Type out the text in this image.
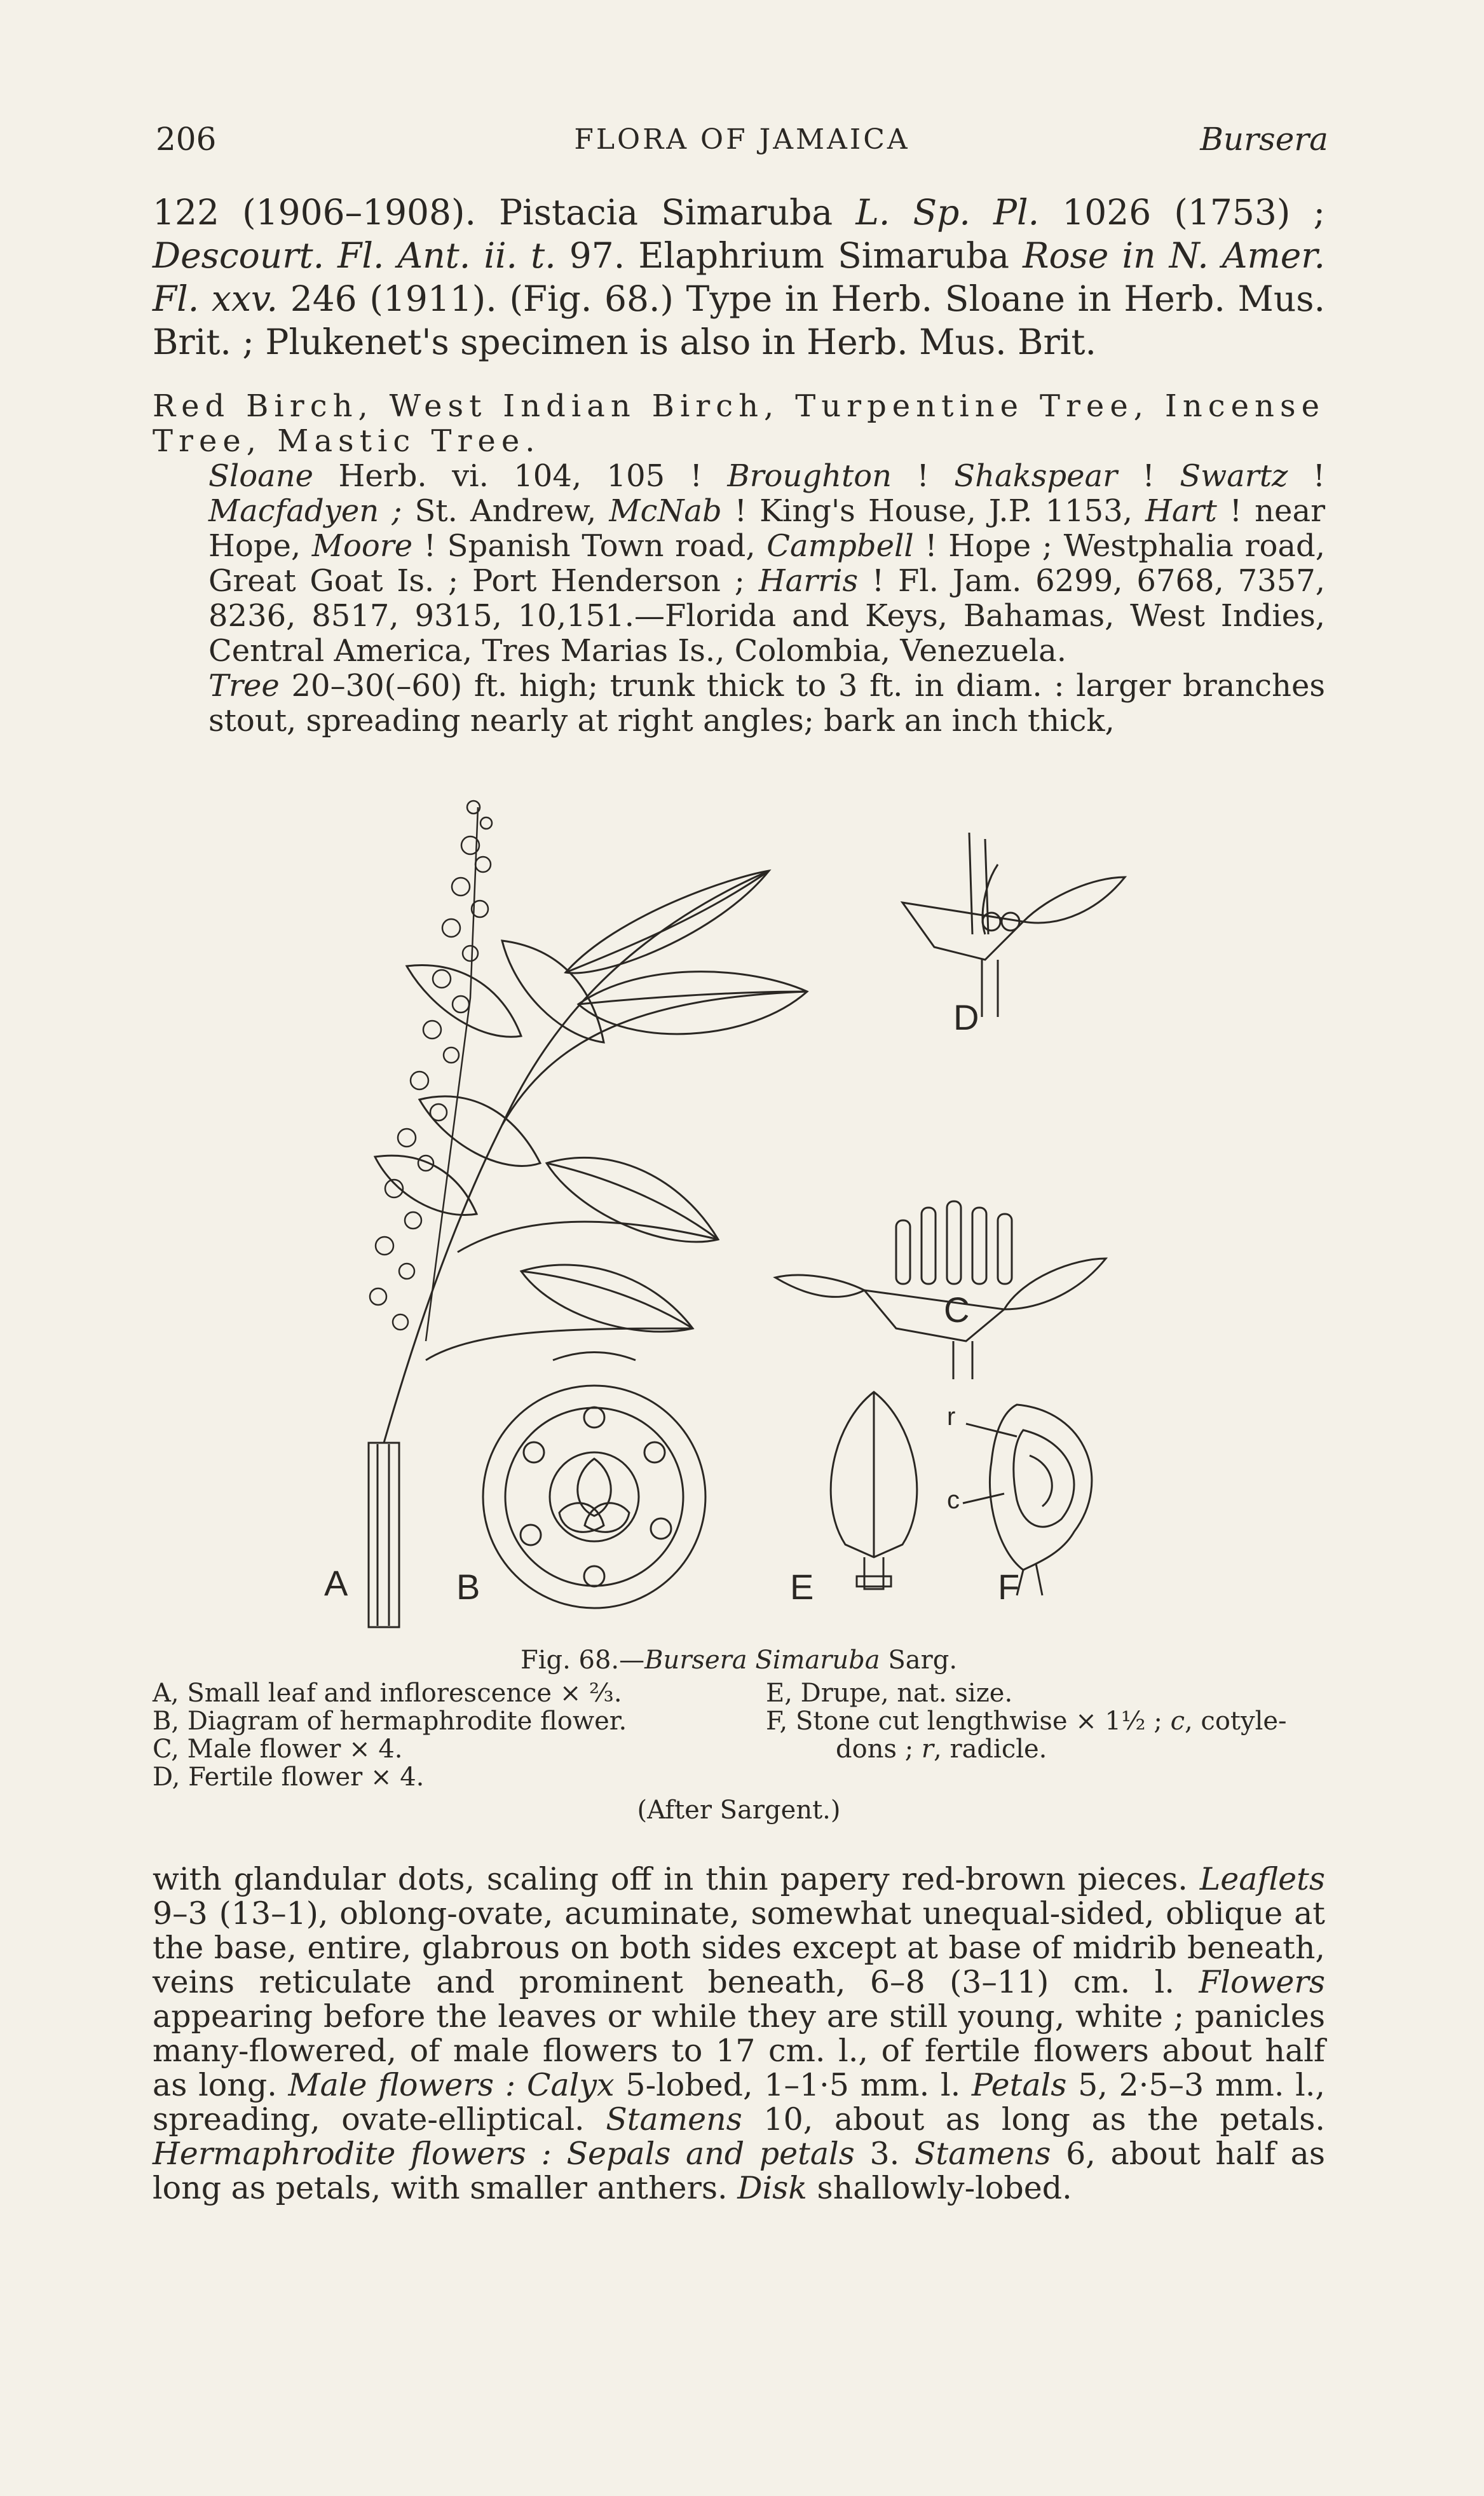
206	FLORA OF JAMAICA	Bursera

122 (1906–1908). Pistacia Simaruba L. Sp. Pl. 1026 (1753) ; Descourt. Fl. Ant. ii. t. 97. Elaphrium Simaruba Rose in N. Amer. Fl. xxv. 246 (1911). (Fig. 68.) Type in Herb. Sloane in Herb. Mus. Brit. ; Plukenet's specimen is also in Herb. Mus. Brit.

Red Birch, West Indian Birch, Turpentine Tree, Incense Tree, Mastic Tree.
Sloane Herb. vi. 104, 105 ! Broughton ! Shakspear ! Swartz ! Macfadyen ; St. Andrew, McNab ! King's House, J.P. 1153, Hart ! near Hope, Moore ! Spanish Town road, Campbell ! Hope ; Westphalia road, Great Goat Is. ; Port Henderson ; Harris ! Fl. Jam. 6299, 6768, 7357, 8236, 8517, 9315, 10,151.—Florida and Keys, Bahamas, West Indies, Central America, Tres Marias Is., Colombia, Venezuela.
Tree 20–30(–60) ft. high; trunk thick to 3 ft. in diam. : larger branches stout, spreading nearly at right angles; bark an inch thick,
A	B
C
D
E	F
r
c
Fig. 68.—Bursera Simaruba Sarg.
A, Small leaf and inflorescence × ⅔.
B, Diagram of hermaphrodite flower.
C, Male flower × 4.
D, Fertile flower × 4.
E, Drupe, nat. size.
F, Stone cut lengthwise × 1½ ; c, cotyle-
dons ; r, radicle.
(After Sargent.)

with glandular dots, scaling off in thin papery red-brown pieces. Leaflets 9–3 (13–1), oblong-ovate, acuminate, somewhat unequal-sided, oblique at the base, entire, glabrous on both sides except at base of midrib beneath, veins reticulate and prominent beneath, 6–8 (3–11) cm. l. Flowers appearing before the leaves or while they are still young, white ; panicles many-flowered, of male flowers to 17 cm. l., of fertile flowers about half as long. Male flowers : Calyx 5-lobed, 1–1·5 mm. l. Petals 5, 2·5–3 mm. l., spreading, ovate-elliptical. Stamens 10, about as long as the petals. Hermaphrodite flowers : Sepals and petals 3. Stamens 6, about half as long as petals, with smaller anthers. Disk shallowly-lobed.
